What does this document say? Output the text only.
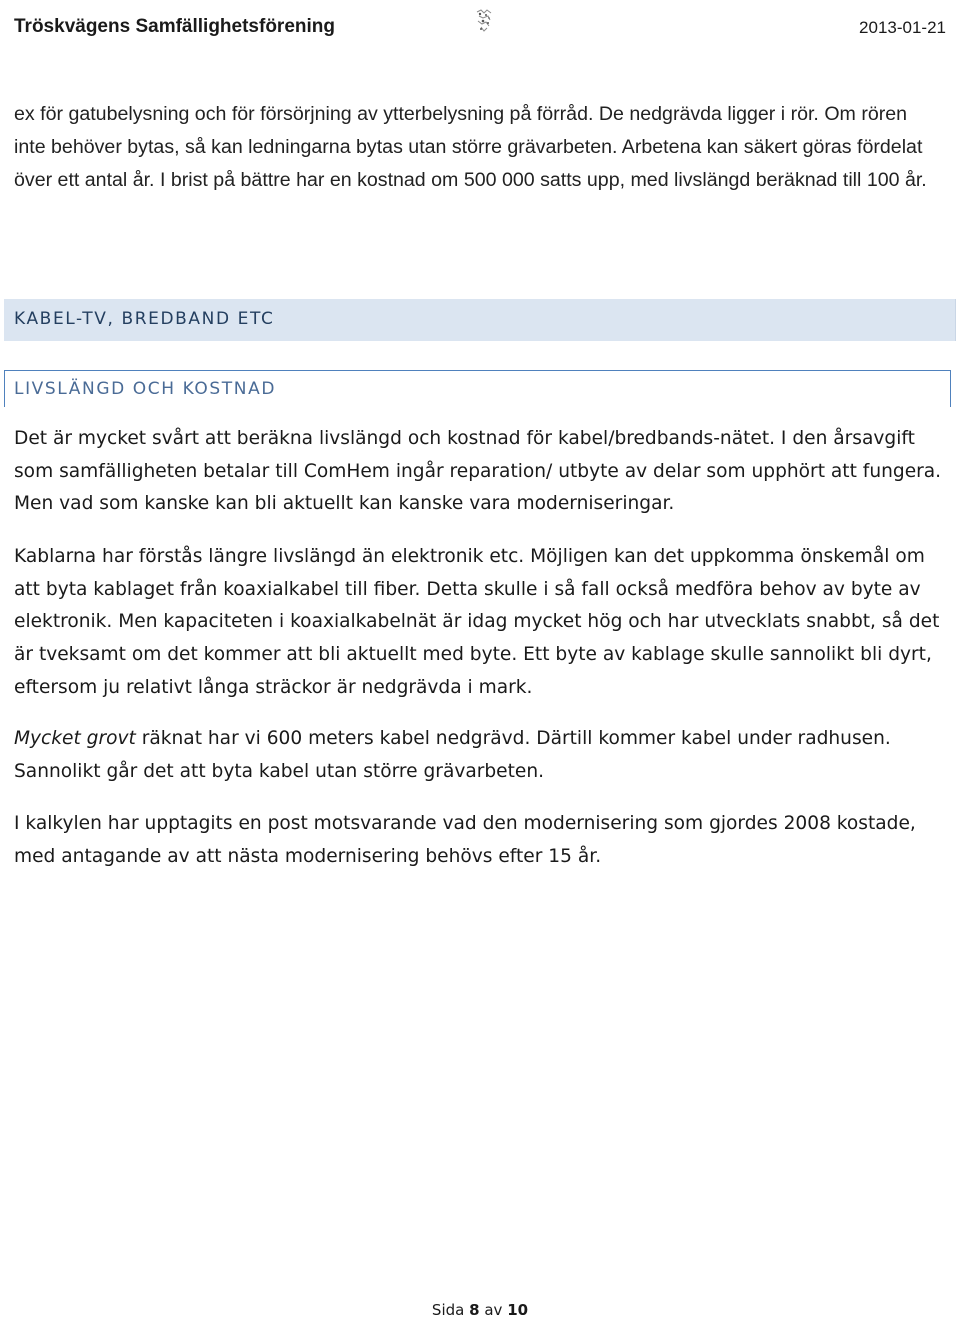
Tröskvägens Samfällighetsförening	2013-01-21

ex för gatubelysning och för försörjning av ytterbelysning på förråd. De nedgrävda ligger i rör. Om rören inte behöver bytas, så kan ledningarna bytas utan större grävarbeten. Arbetena kan säkert göras fördelat över ett antal år. I brist på bättre har en kostnad om 500 000 satts upp, med livslängd beräknad till 100 år.

KABEL-TV, BREDBAND ETC
LIVSLÄNGD OCH KOSTNAD

Det är mycket svårt att beräkna livslängd och kostnad för kabel/bredbands-nätet. I den årsavgift som samfälligheten betalar till ComHem ingår reparation/ utbyte av delar som upphört att fungera. Men vad som kanske kan bli aktuellt kan kanske vara moderniseringar.

Kablarna har förstås längre livslängd än elektronik etc. Möjligen kan det uppkomma önskemål om att byta kablaget från koaxialkabel till fiber. Detta skulle i så fall också medföra behov av byte av elektronik. Men kapaciteten i koaxialkabelnät är idag mycket hög och har utvecklats snabbt, så det är tveksamt om det kommer att bli aktuellt med byte. Ett byte av kablage skulle sannolikt bli dyrt, eftersom ju relativt långa sträckor är nedgrävda i mark.

Mycket grovt räknat har vi 600 meters kabel nedgrävd. Därtill kommer kabel under radhusen. Sannolikt går det att byta kabel utan större grävarbeten.

I kalkylen har upptagits en post motsvarande vad den modernisering som gjordes 2008 kostade, med antagande av att nästa modernisering behövs efter 15 år.

Sida 8 av 10
